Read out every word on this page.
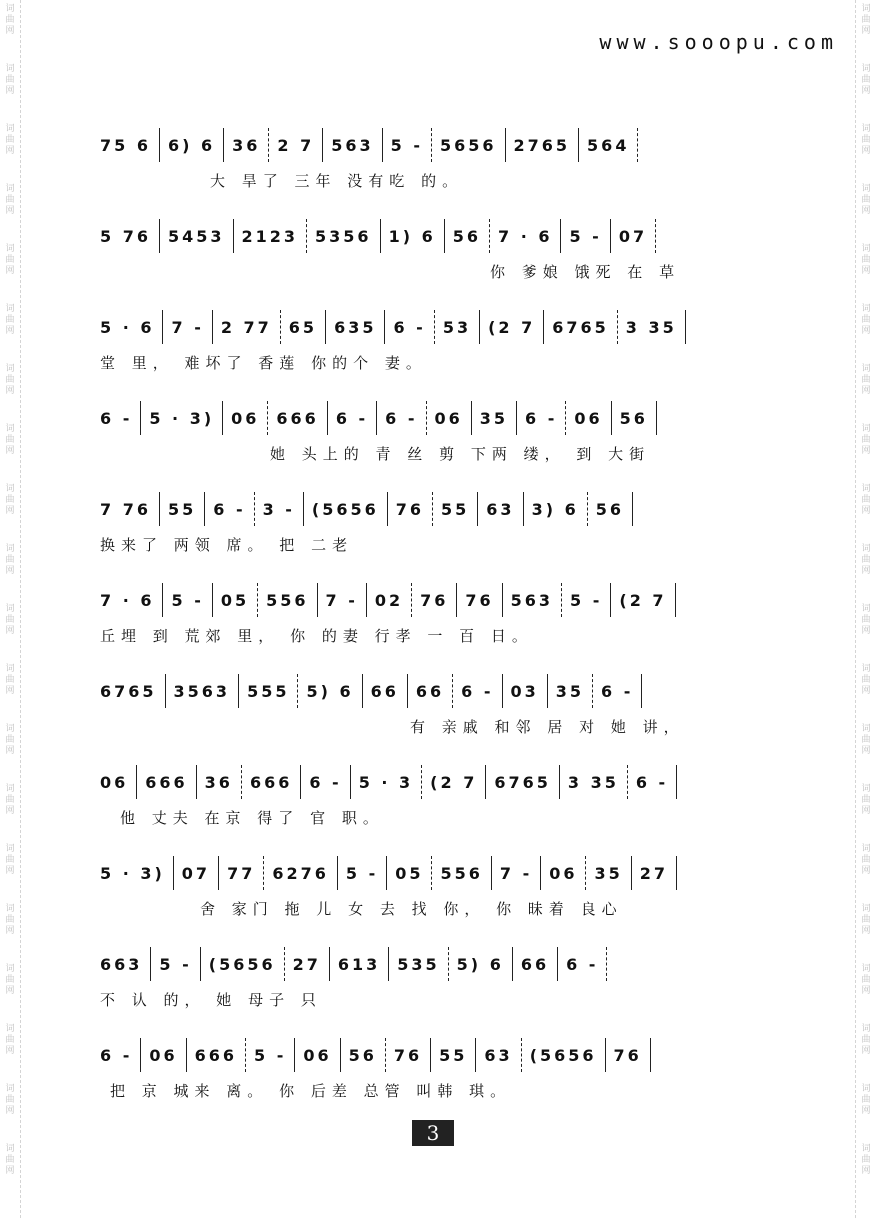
词
曲
网
词
曲
网
词
曲
网
词
曲
网
词
曲
网
词
曲
网
词
曲
网
词
曲
网
词
曲
网
词
曲
网
词
曲
网
词
曲
网
词
曲
网
词
曲
网
词
曲
网
词
曲
网
词
曲
网
词
曲
网
词
曲
网
词
曲
网
词
曲
网
词
曲
网
词
曲
网
词
曲
网
词
曲
网
词
曲
网
词
曲
网
词
曲
网
词
曲
网
词
曲
网
词
曲
网
词
曲
网
词
曲
网
词
曲
网
词
曲
网
词
曲
网
词
曲
网
词
曲
网
词
曲
网
词
曲
网
www.sooopu.com
75 6 6) 6 36 2 7 563 5 - 5656 2765 564
大 旱了 三年 没有吃 的。
5 76 5453 2123 5356 1) 6 56 7 · 6 5 - 07
你 爹娘 饿死 在 草
5 · 6 7 - 2 77 65 635 6 - 53 (2 7 6765 3 35
堂 里， 难坏了 香莲 你的个 妻。
6 - 5 · 3) 06 666 6 - 6 - 06 35 6 - 06 56
她 头上的 青 丝 剪 下两 缕， 到 大街
7 76 55 6 - 3 - (5656 76 55 63 3) 6 56
换来了 两领 席。 把 二老
7 · 6 5 - 05 556 7 - 02 76 76 563 5 - (2 7
丘埋 到 荒郊 里， 你 的妻 行孝 一 百 日。
6765 3563 555 5) 6 66 66 6 - 03 35 6 -
有 亲戚 和邻 居 对 她 讲，
06 666 36 666 6 - 5 · 3 (2 7 6765 3 35 6 -
他 丈夫 在京 得了 官 职。
5 · 3) 07 77 6276 5 - 05 556 7 - 06 35 27
舍 家门 拖 儿 女 去 找 你， 你 昧着 良心
663 5 - (5656 27 613 535 5) 6 66 6 -
不 认 的， 她 母子 只
6 - 06 666 5 - 06 56 76 55 63 (5656 76
把 京 城来 离。 你 后差 总管 叫韩 琪。
3
